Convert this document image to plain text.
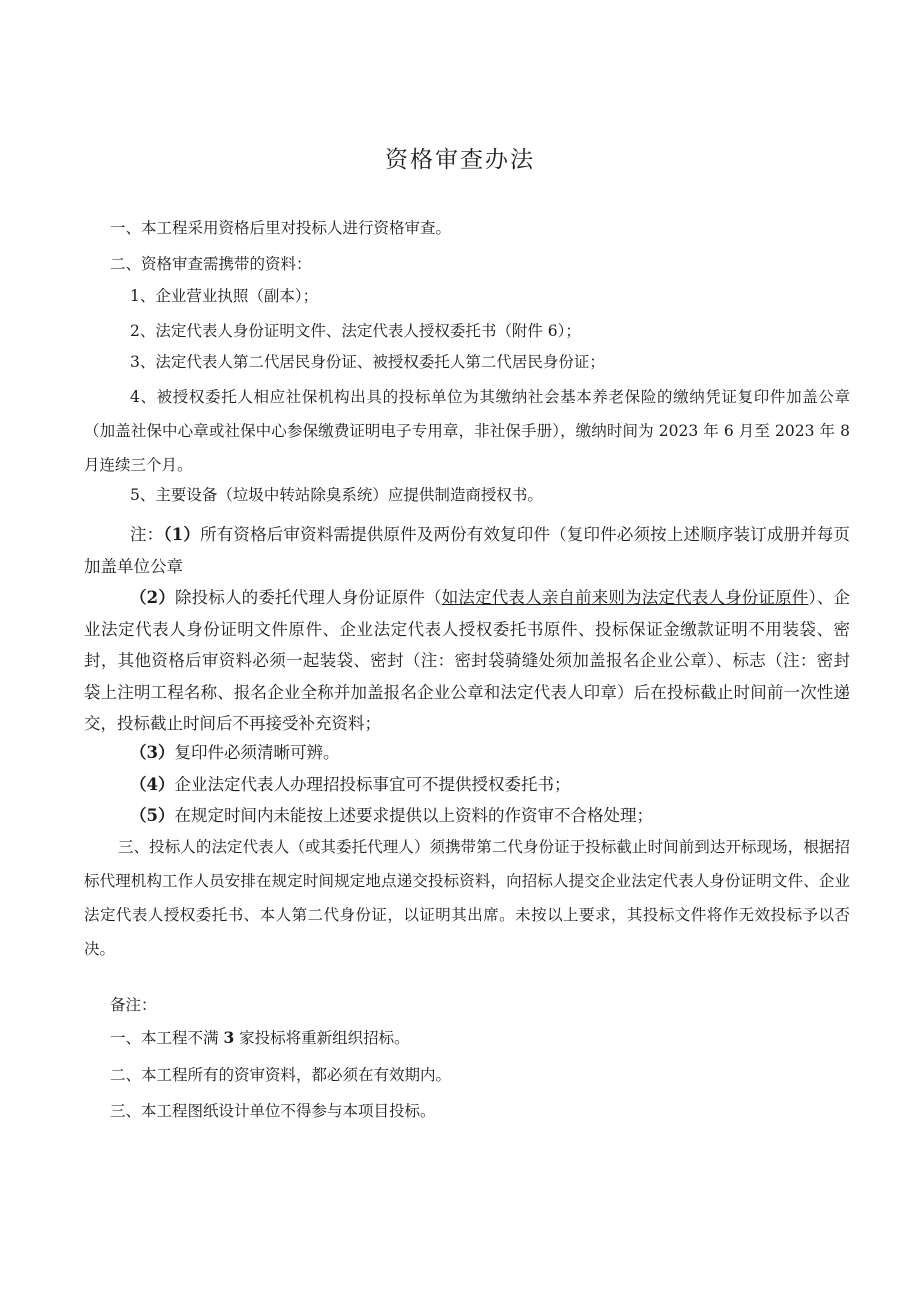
资格审查办法

一、本工程采用资格后里对投标人进行资格审查。

二、资格审查需携带的资料：

1、企业营业执照（副本）；

2、法定代表人身份证明文件、法定代表人授权委托书（附件 6）；

3、法定代表人第二代居民身份证、被授权委托人第二代居民身份证；

4、被授权委托人相应社保机构出具的投标单位为其缴纳社会基本养老保险的缴纳凭证复印件加盖公章（加盖社保中心章或社保中心参保缴费证明电子专用章，非社保手册），缴纳时间为 2023 年 6 月至 2023 年 8 月连续三个月。

5、主要设备（垃圾中转站除臭系统）应提供制造商授权书。

注：（1）所有资格后审资料需提供原件及两份有效复印件（复印件必须按上述顺序装订成册并每页加盖单位公章

（2）除投标人的委托代理人身份证原件（如法定代表人亲自前来则为法定代表人身份证原件）、企业法定代表人身份证明文件原件、企业法定代表人授权委托书原件、投标保证金缴款证明不用装袋、密封，其他资格后审资料必须一起装袋、密封（注：密封袋骑缝处须加盖报名企业公章）、标志（注：密封袋上注明工程名称、报名企业全称并加盖报名企业公章和法定代表人印章）后在投标截止时间前一次性递交，投标截止时间后不再接受补充资料；

（3）复印件必须清晰可辨。

（4）企业法定代表人办理招投标事宜可不提供授权委托书；

（5）在规定时间内未能按上述要求提供以上资料的作资审不合格处理；

三、投标人的法定代表人（或其委托代理人）须携带第二代身份证于投标截止时间前到达开标现场，根据招标代理机构工作人员安排在规定时间规定地点递交投标资料，向招标人提交企业法定代表人身份证明文件、企业法定代表人授权委托书、本人第二代身份证，以证明其出席。未按以上要求，其投标文件将作无效投标予以否决。

备注：

一、本工程不满 3 家投标将重新组织招标。

二、本工程所有的资审资料，都必须在有效期内。

三、本工程图纸设计单位不得参与本项目投标。
